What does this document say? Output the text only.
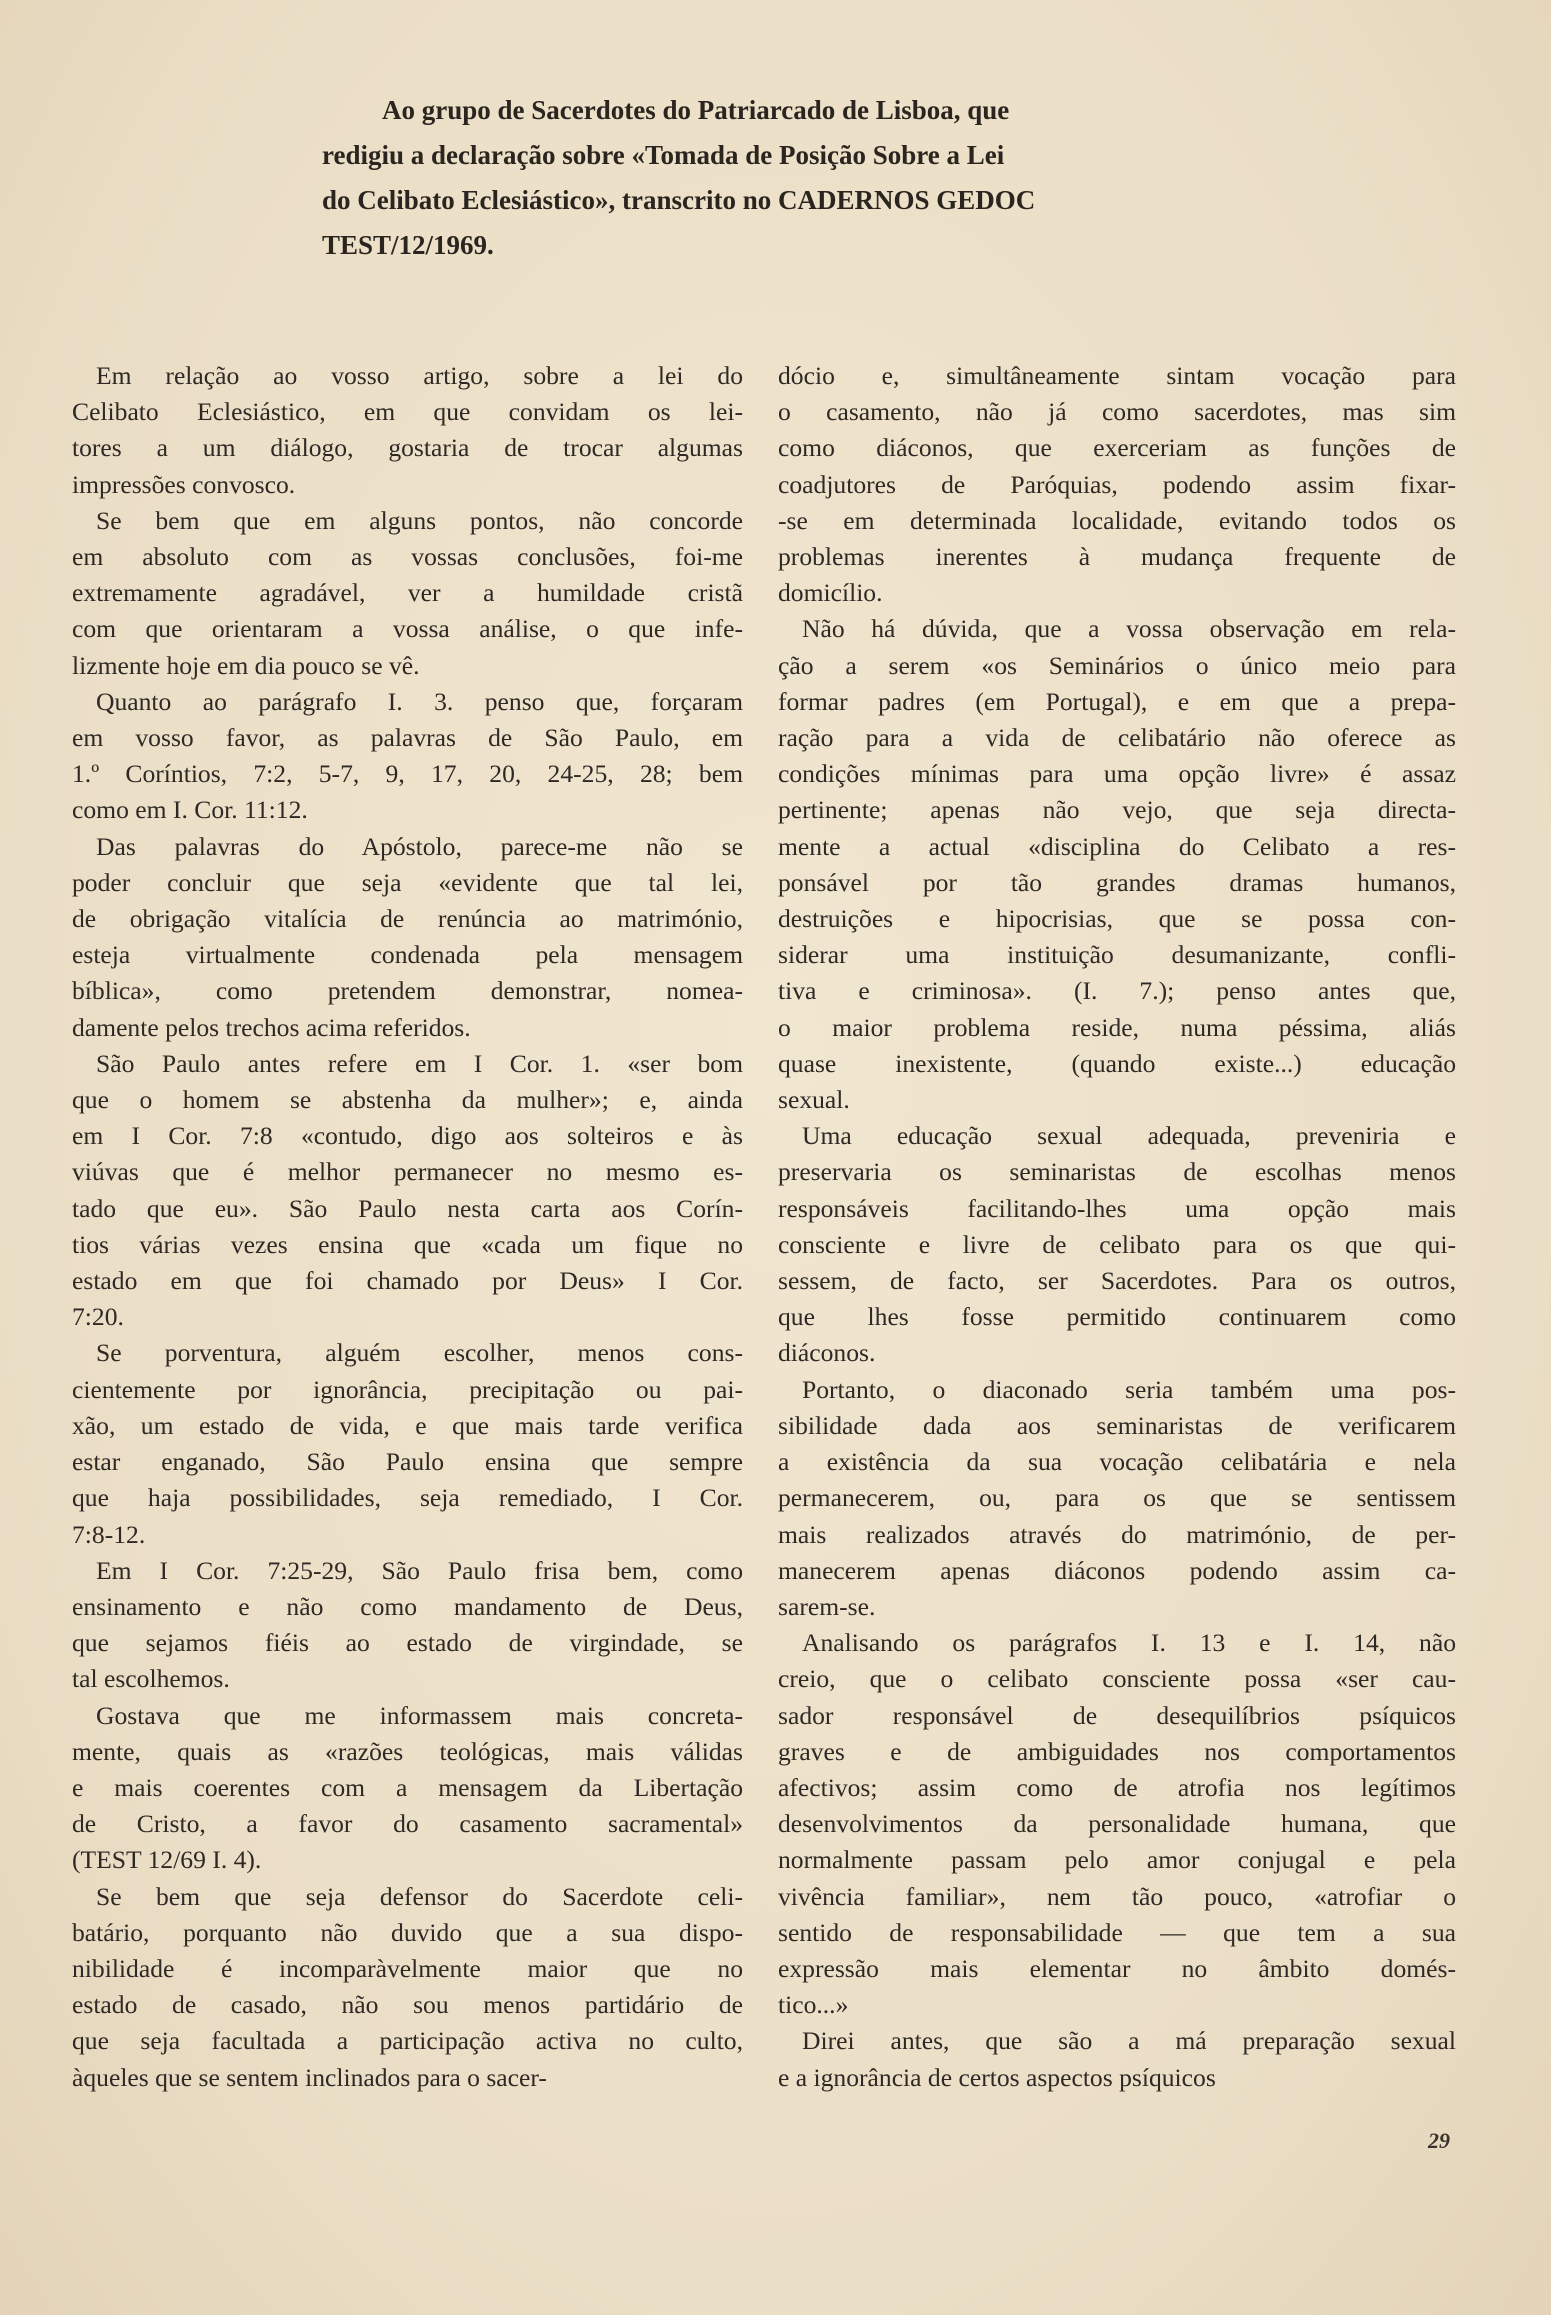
Ao grupo de Sacerdotes do Patriarcado de Lisboa, que
redigiu a declaração sobre «Tomada de Posição Sobre a Lei
do Celibato Eclesiástico», transcrito no CADERNOS GEDOC
TEST/12/1969.

Em relação ao vosso artigo, sobre a lei do
Celibato Eclesiástico, em que convidam os lei-
tores a um diálogo, gostaria de trocar algumas
impressões convosco.

Se bem que em alguns pontos, não concorde
em absoluto com as vossas conclusões, foi-me
extremamente agradável, ver a humildade cristã
com que orientaram a vossa análise, o que infe-
lizmente hoje em dia pouco se vê.

Quanto ao parágrafo I. 3. penso que, forçaram
em vosso favor, as palavras de São Paulo, em
1.º Coríntios, 7:2, 5-7, 9, 17, 20, 24-25, 28; bem
como em I. Cor. 11:12.

Das palavras do Apóstolo, parece-me não se
poder concluir que seja «evidente que tal lei,
de obrigação vitalícia de renúncia ao matrimónio,
esteja virtualmente condenada pela mensagem
bíblica», como pretendem demonstrar, nomea-
damente pelos trechos acima referidos.

São Paulo antes refere em I Cor. 1. «ser bom
que o homem se abstenha da mulher»; e, ainda
em I Cor. 7:8 «contudo, digo aos solteiros e às
viúvas que é melhor permanecer no mesmo es-
tado que eu». São Paulo nesta carta aos Corín-
tios várias vezes ensina que «cada um fique no
estado em que foi chamado por Deus» I Cor.
7:20.

Se porventura, alguém escolher, menos cons-
cientemente por ignorância, precipitação ou pai-
xão, um estado de vida, e que mais tarde verifica
estar enganado, São Paulo ensina que sempre
que haja possibilidades, seja remediado, I Cor.
7:8-12.

Em I Cor. 7:25-29, São Paulo frisa bem, como
ensinamento e não como mandamento de Deus,
que sejamos fiéis ao estado de virgindade, se
tal escolhemos.

Gostava que me informassem mais concreta-
mente, quais as «razões teológicas, mais válidas
e mais coerentes com a mensagem da Libertação
de Cristo, a favor do casamento sacramental»
(TEST 12/69 I. 4).

Se bem que seja defensor do Sacerdote celi-
batário, porquanto não duvido que a sua dispo-
nibilidade é incomparàvelmente maior que no
estado de casado, não sou menos partidário de
que seja facultada a participação activa no culto,
àqueles que se sentem inclinados para o sacer-

dócio e, simultâneamente sintam vocação para
o casamento, não já como sacerdotes, mas sim
como diáconos, que exerceriam as funções de
coadjutores de Paróquias, podendo assim fixar-
-se em determinada localidade, evitando todos os
problemas inerentes à mudança frequente de
domicílio.

Não há dúvida, que a vossa observação em rela-
ção a serem «os Seminários o único meio para
formar padres (em Portugal), e em que a prepa-
ração para a vida de celibatário não oferece as
condições mínimas para uma opção livre» é assaz
pertinente; apenas não vejo, que seja directa-
mente a actual «disciplina do Celibato a res-
ponsável por tão grandes dramas humanos,
destruições e hipocrisias, que se possa con-
siderar uma instituição desumanizante, confli-
tiva e criminosa». (I. 7.); penso antes que,
o maior problema reside, numa péssima, aliás
quase inexistente, (quando existe...) educação
sexual.

Uma educação sexual adequada, preveniria e
preservaria os seminaristas de escolhas menos
responsáveis facilitando-lhes uma opção mais
consciente e livre de celibato para os que qui-
sessem, de facto, ser Sacerdotes. Para os outros,
que lhes fosse permitido continuarem como
diáconos.

Portanto, o diaconado seria também uma pos-
sibilidade dada aos seminaristas de verificarem
a existência da sua vocação celibatária e nela
permanecerem, ou, para os que se sentissem
mais realizados através do matrimónio, de per-
manecerem apenas diáconos podendo assim ca-
sarem-se.

Analisando os parágrafos I. 13 e I. 14, não
creio, que o celibato consciente possa «ser cau-
sador responsável de desequilíbrios psíquicos
graves e de ambiguidades nos comportamentos
afectivos; assim como de atrofia nos legítimos
desenvolvimentos da personalidade humana, que
normalmente passam pelo amor conjugal e pela
vivência familiar», nem tão pouco, «atrofiar o
sentido de responsabilidade — que tem a sua
expressão mais elementar no âmbito domés-
tico...»

Direi antes, que são a má preparação sexual
e a ignorância de certos aspectos psíquicos

29
